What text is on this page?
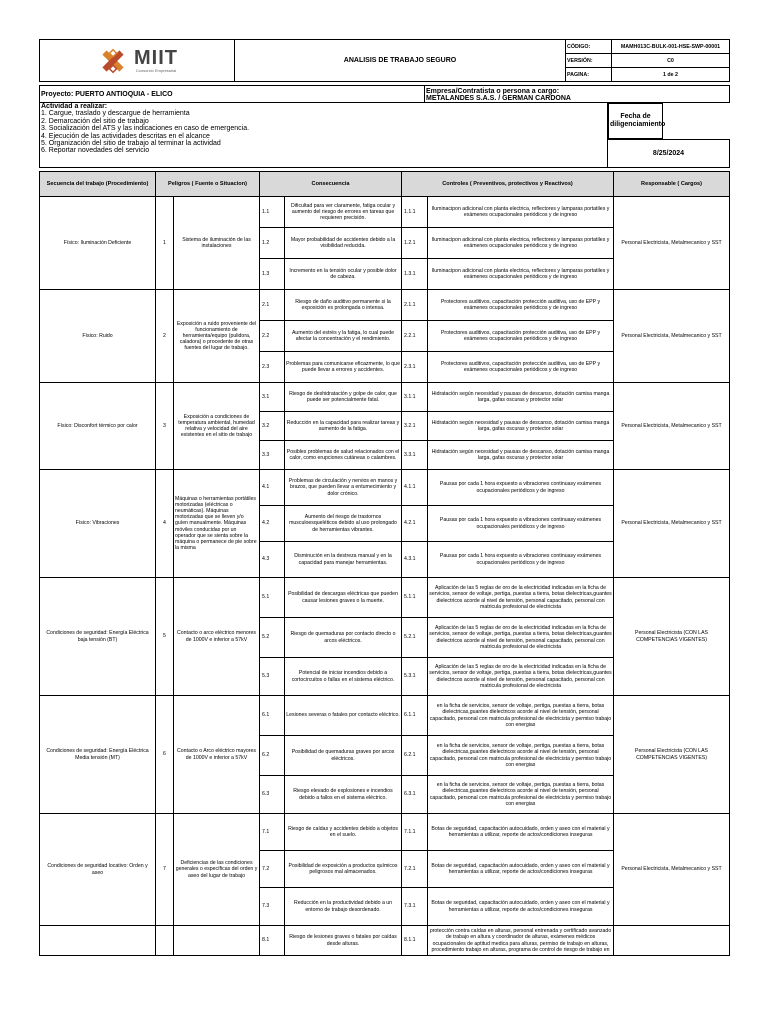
MIIT
Consorcio Empresarial	ANALISIS DE TRABAJO SEGURO	CÓDIGO:	MAMH013C-BULK-001-HSE-SWP-00001
		VERSIÓN:	C0
		PAGINA:	1 de 2
Proyecto: PUERTO ANTIOQUIA - ELICO	Empresa/Contratista o persona a cargo:
METALANDES S.A.S. / GERMAN CARDONA

Actividad a realizar:
1. Cargue, traslado y descargue de herramienta
2. Demarcación del sitio de trabajo
3. Socialización del ATS y las indicaciones en caso de emergencia.
4. Ejecución de las actividades descritas en el alcance
5. Organización del sitio de trabajo al terminar la actividad
6. Reportar novedades del servicio

Fecha de diligenciamiento

	8/25/2024
Secuencia del trabajo (Procedimiento)	Peligros ( Fuente o Situacion)		Consecuencia		Controles ( Preventivos, protectivos y Reactivos)		Responsable ( Cargos)
Físico: Iluminación Deficiente	1	Sistema de iluminación de las instalaciones	1.1	Dificultad para ver claramente, fatiga ocular y aumento del riesgo de errores en tareas que requieren precisión.	1.1.1	Iluminacipon adicional con planta electrica, reflectores y lamparas portatiles y exámenes ocupacionales periódicos y de ingreso	Personal Electricista, Metalmecanico y SST
			1.2	Mayor probabilidad de accidentes debido a la visibilidad reducida.	1.2.1	Iluminacipon adicional con planta electrica, reflectores y lamparas portatiles y exámenes ocupacionales periódicos y de ingreso	

			1.3	Incremento en la tensión ocular y posible dolor de cabeza.	1.3.1	Iluminacipon adicional con planta electrica, reflectores y lamparas portatiles y exámenes ocupacionales periódicos y de ingreso	

Físico: Ruido	2	Exposición a ruido proveniente del funcionamiento de herramienta/equipo (pulidora, caladora) o procedente de otras fuentes del lugar de trabajo.	2.1	Riesgo de daño auditivo permanente si la exposición es prolongada o intensa.	2.1.1	Protectores auditivos, capacitación protección auditiva, uso de EPP y exámenes ocupacionales periódicos y de ingreso	Personal Electricista, Metalmecanico y SST
			2.2	Aumento del estrés y la fatiga, lo cual puede afectar la concentración y el rendimiento.	2.2.1	Protectores auditivos, capacitación protección auditiva, uso de EPP y exámenes ocupacionales periódicos y de ingreso	

			2.3	Problemas para comunicarse eficazmente, lo que puede llevar a errores y accidentes.	2.3.1	Protectores auditivos, capacitación protección auditiva, uso de EPP y exámenes ocupacionales periódicos y de ingreso	

Físico: Disconfort térmico por calor	3	Exposición a condiciones de temperatura ambiental, humedad relativa y velocidad del aire existentes en el sitio de trabajo	3.1	Riesgo de deshidratación y golpe de calor, que puede ser potencialmente fatal.	3.1.1	Hidratación según necesidad y pausas de descanso, dotación camisa manga larga, gafas oscuras y protector solar	Personal Electricista, Metalmecanico y SST
			3.2	Reducción en la capacidad para realizar tareas y aumento de la fatiga.	3.2.1	Hidratación según necesidad y pausas de descanso, dotación camisa manga larga, gafas oscuras y protector solar	

			3.3	Posibles problemas de salud relacionados con el calor, como erupciones cutáneas o calambres.	3.3.1	Hidratación según necesidad y pausas de descanso, dotación camisa manga larga, gafas oscuras y protector solar	

Físico: Vibraciones	4	Máquinas o herramientas portátiles motorizadas (eléctricas o neumáticas). Máquinas motorizadas que se lleven y/o guíen manualmente. Máquinas móviles conducidas por un operador que se sienta sobre la máquina o permanece de pie sobre la misma	4.1	Problemas de circulación y nervios en manos y brazos, que pueden llevar a entumecimiento y dolor crónico.	4.1.1	Pausas por cada 1 hora expuesto a vibraciones continuasy exámenes ocupacionales periódicos y de ingreso	Personal Electricista, Metalmecanico y SST
			4.2	Aumento del riesgo de trastornos musculoesqueléticos debido al uso prolongado de herramientas vibrantes.	4.2.1	Pausas por cada 1 hora expuesto a vibraciones continuasy exámenes ocupacionales periódicos y de ingreso	

			4.3	Disminución en la destreza manual y en la capacidad para manejar herramientas.	4.3.1	Pausas por cada 1 hora expuesto a vibraciones continuasy exámenes ocupacionales periódicos y de ingreso	

Condiciones de seguridad: Energía Eléctrica baja tensión (BT)	5	Contacto o arco eléctrico menores de 1000V e inferior a 57kV	5.1	Posibilidad de descargas eléctricas que pueden causar lesiones graves o la muerte.	5.1.1	Aplicación de las 5 reglas de oro de la electricidad indicadas en la ficha de servicios, sensor de voltaje, pertiga, puestas a tierra, botas dielectricas,guantes dielectricos acorde al nivel de tensión, personal capacitado, personal con matricula profesional de electricista	Personal Electricista (CON LAS COMPETENCIAS VIGENTES)
			5.2	Riesgo de quemaduras por contacto directo o arcos eléctricos.	5.2.1	Aplicación de las 5 reglas de oro de la electricidad indicadas en la ficha de servicios, sensor de voltaje, pertiga, puestas a tierra, botas dielectricas,guantes dielectricos acorde al nivel de tensión, personal capacitado, personal con matricula profesional de electricista	

			5.3	Potencial de iniciar incendios debido a cortocircuitos o fallas en el sistema eléctrico.	5.3.1	Aplicación de las 5 reglas de oro de la electricidad indicadas en la ficha de servicios, sensor de voltaje, pertiga, puestas a tierra, botas dielectricas,guantes dielectricos acorde al nivel de tensión, personal capacitado, personal con matricula profesional de electricista	

Condiciones de seguridad: Energía Eléctrica Media tensión (MT)	6	Contacto o Arco eléctrico mayores de 1000V e inferior a 57kV	6.1	Lesiones severas o fatales por contacto eléctrico.	6.1.1	en la ficha de servicios, sensor de voltaje, pertiga, puestas a tierra, botas dielectricas,guantes dielectricos acorde al nivel de tensión, personal capacitado, personal con matricula profesional de electricista y permiso trabajo con energias	Personal Electricista (CON LAS COMPETENCIAS VIGENTES)
			6.2	Posibilidad de quemaduras graves por arcos eléctricos.	6.2.1	en la ficha de servicios, sensor de voltaje, pertiga, puestas a tierra, botas dielectricas,guantes dielectricos acorde al nivel de tensión, personal capacitado, personal con matricula profesional de electricista y permiso trabajo con energias	

			6.3	Riesgo elevado de explosiones e incendios debido a fallos en el sistema eléctrico.	6.3.1	en la ficha de servicios, sensor de voltaje, pertiga, puestas a tierra, botas dielectricas,guantes dielectricos acorde al nivel de tensión, personal capacitado, personal con matricula profesional de electricista y permiso trabajo con energias	

Condiciones de seguridad locativo: Orden y aseo	7	Deficiencias de las condiciones generales o específicas del orden y aseo del lugar de trabajo	7.1	Riesgo de caídas y accidentes debido a objetos en el suelo.	7.1.1	Botas de seguridad, capacitación autocuidado, orden y aseo con el material y herramientas a utilizar, reporte de actos/condiciones inseguras	Personal Electricista, Metalmecanico y SST
			7.2	Posibilidad de exposición a productos químicos peligrosos mal almacenados.	7.2.1	Botas de seguridad, capacitación autocuidado, orden y aseo con el material y herramientas a utilizar, reporte de actos/condiciones inseguras	

			7.3	Reducción en la productividad debido a un entorno de trabajo desordenado.	7.3.1	Botas de seguridad, capacitación autocuidado, orden y aseo con el material y herramientas a utilizar, reporte de actos/condiciones inseguras	

			8.1	Riesgo de lesiones graves o fatales por caídas desde alturas.	8.1.1	protección contra caídas en alturas, personal entrenada y certificado avanzado de trabajo en altura y coordinador de alturas, exámenes médicos ocupacionales de aptitud medica para alturas, permiso de trabajo en alturas, procedimiento trabajo en alturas, programa de control de riesgo de trabajo en	
